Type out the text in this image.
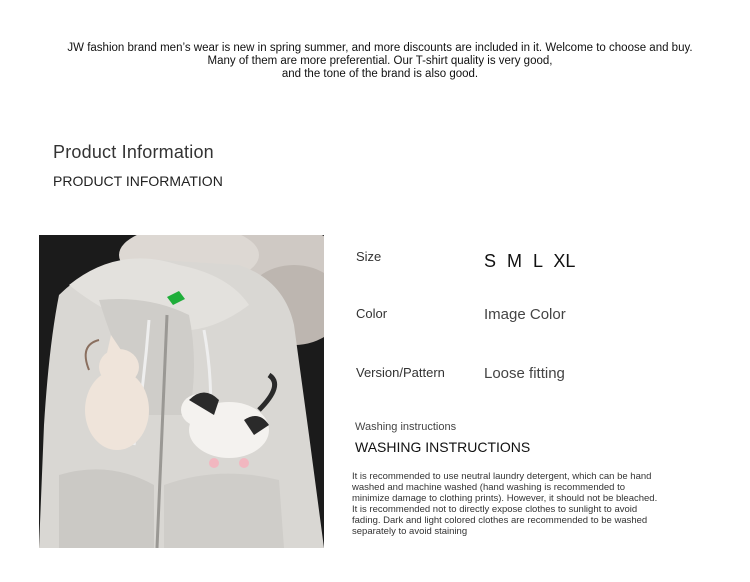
JW fashion brand men’s wear is new in spring summer, and more discounts are included in it. Welcome to choose and buy.
Many of them are more preferential. Our T-shirt quality is very good,
and the tone of the brand is also good.
Product Information
PRODUCT INFORMATION
Size	S M L XL
Color	Image Color
Version/Pattern	Loose fitting
Washing instructions
WASHING INSTRUCTIONS
It is recommended to use neutral laundry detergent, which can be hand
washed and machine washed (hand washing is recommended to
minimize damage to clothing prints). However, it should not be bleached.
It is recommended not to directly expose clothes to sunlight to avoid
fading. Dark and light colored clothes are recommended to be washed
separately to avoid staining
